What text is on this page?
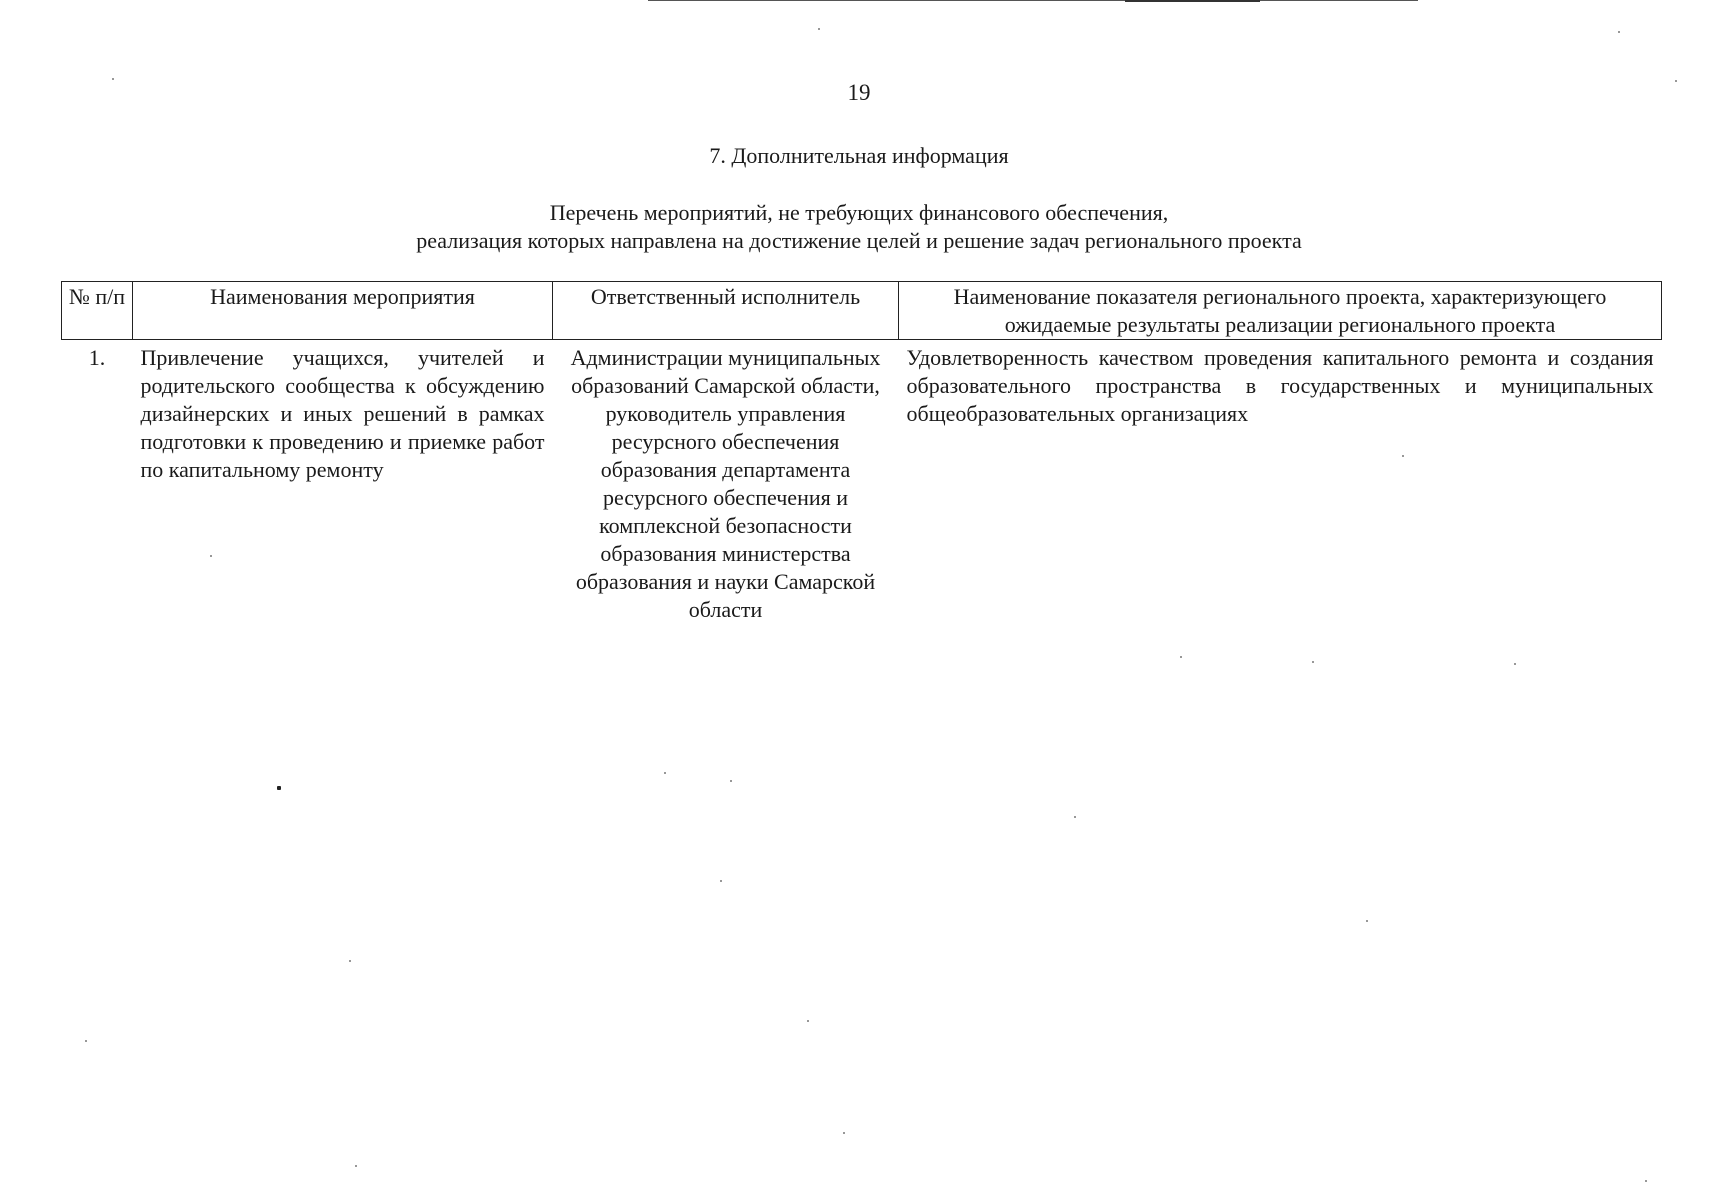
19
7. Дополнительная информация
Перечень мероприятий, не требующих финансового обеспечения,
реализация которых направлена на достижение целей и решение задач регионального проекта
№ п/п	Наименования мероприятия	Ответственный исполнитель	Наименование показателя регионального проекта, характеризующего ожидаемые результаты реализации регионального проекта
1.	Привлечение учащихся, учителей и родительского сообщества к обсуждению дизайнерских и иных решений в рамках подготовки к проведению и приемке работ по капитальному ремонту	Администрации муниципальных образований Самарской области, руководитель управления ресурсного обеспечения образования департамента ресурсного обеспечения и комплексной безопасности образования министерства образования и науки Самарской области	Удовлетворенность качеством проведения капитального ремонта и создания образовательного пространства в государственных и муниципальных общеобразовательных организациях
